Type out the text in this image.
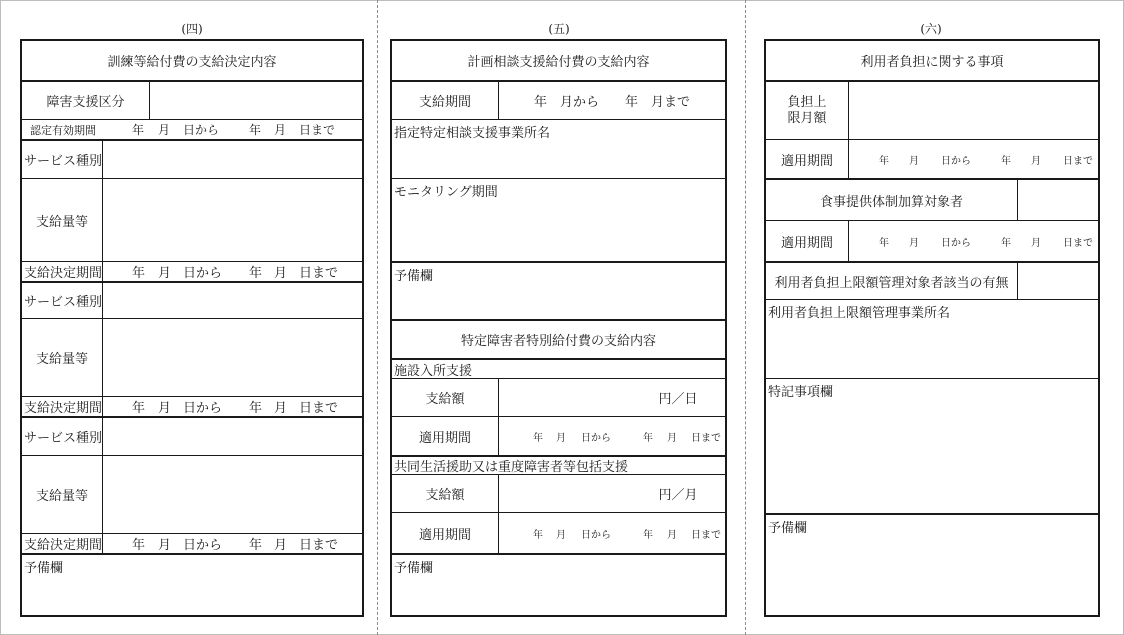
(四)
訓練等給付費の支給決定内容
障害支援区分
認定有効期間	年	月	日から	年	月	日まで
サービス種別
支給量等
支給決定期間 年 月 日から	年 月 日まで
サービス種別
支給量等
支給決定期間 年 月 日から	年 月 日まで
サービス種別
支給量等
支給決定期間 年 月 日から	年 月 日まで
予備欄
(五)
計画相談支援給付費の支給内容
支給期間	年　月から　　年　月まで
指定特定相談支援事業所名
モニタリング期間
予備欄
特定障害者特別給付費の支給内容
施設入所支援
支給額	円／日
適用期間	年	月	日から	年	月	日まで
共同生活援助又は重度障害者等包括支援
支給額	円／月
適用期間	年	月	日から	年	月	日まで
予備欄
(六)
利用者負担に関する事項
負担上限月額
適用期間	年	月	日から	年	月	日まで
食事提供体制加算対象者
適用期間	年	月	日から	年	月	日まで
利用者負担上限額管理対象者該当の有無
利用者負担上限額管理事業所名
特記事項欄
予備欄
